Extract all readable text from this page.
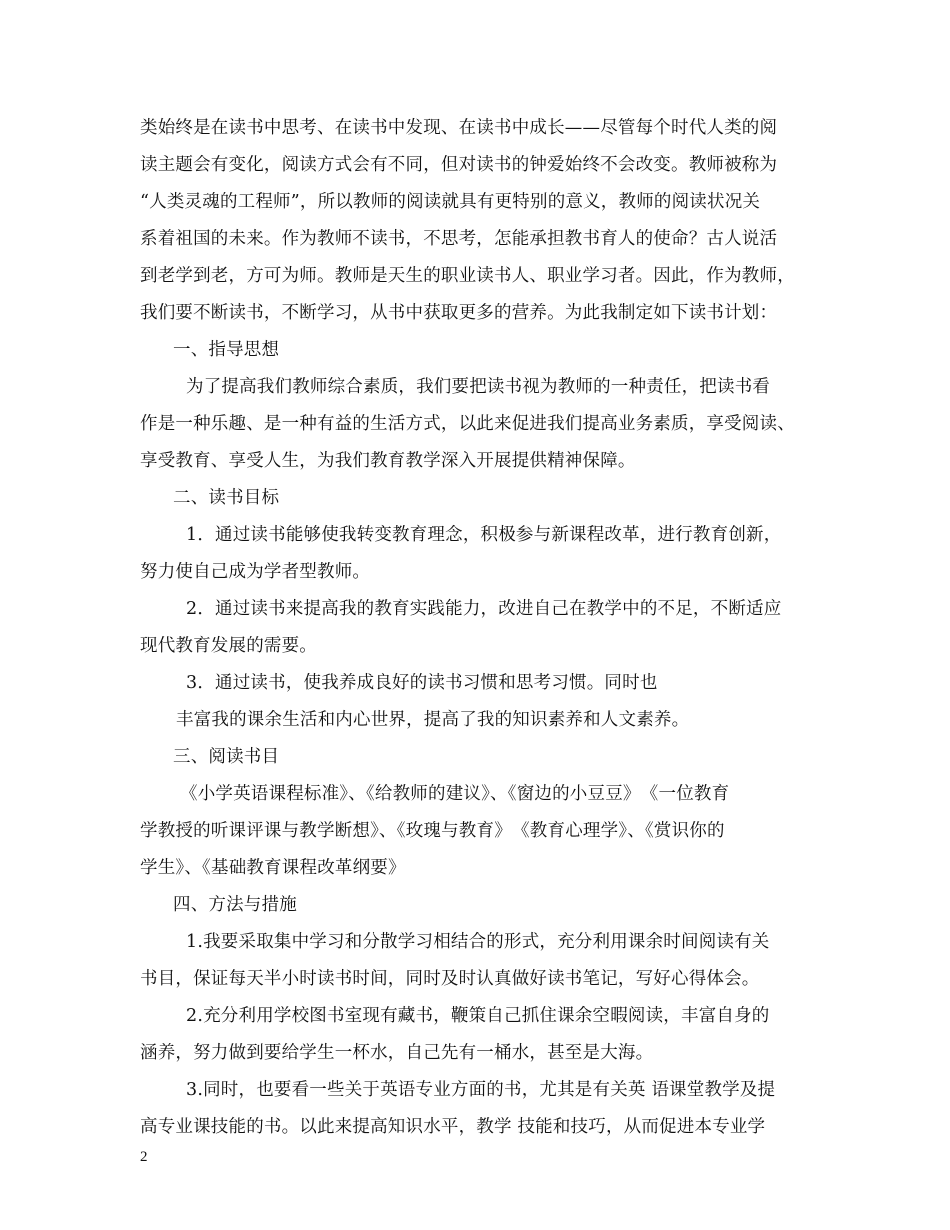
类始终是在读书中思考、在读书中发现、在读书中成长——尽管每个时代人类的阅
读主题会有变化，阅读方式会有不同，但对读书的钟爱始终不会改变。教师被称为
“人类灵魂的工程师”，所以教师的阅读就具有更特别的意义，教师的阅读状况关
系着祖国的未来。作为教师不读书，不思考，怎能承担教书育人的使命？古人说活
到老学到老，方可为师。教师是天生的职业读书人、职业学习者。因此，作为教师，
我们要不断读书，不断学习，从书中获取更多的营养。为此我制定如下读书计划：
一、指导思想
为了提高我们教师综合素质，我们要把读书视为教师的一种责任，把读书看
作是一种乐趣、是一种有益的生活方式，以此来促进我们提高业务素质，享受阅读、
享受教育、享受人生，为我们教育教学深入开展提供精神保障。
二、读书目标
1．通过读书能够使我转变教育理念，积极参与新课程改革，进行教育创新，
努力使自己成为学者型教师。
2．通过读书来提高我的教育实践能力，改进自己在教学中的不足，不断适应
现代教育发展的需要。
3．通过读书，使我养成良好的读书习惯和思考习惯。同时也
丰富我的课余生活和内心世界，提高了我的知识素养和人文素养。
三、阅读书目
《小学英语课程标准》、《给教师的建议》、《窗边的小豆豆》　《一位教育
学教授的听课评课与教学断想》、《玫瑰与教育》　《教育心理学》、《赏识你的
学生》、《基础教育课程改革纲要》
四、方法与措施
1.我要采取集中学习和分散学习相结合的形式，充分利用课余时间阅读有关
书目，保证每天半小时读书时间，同时及时认真做好读书笔记，写好心得体会。
2.充分利用学校图书室现有藏书，鞭策自己抓住课余空暇阅读，丰富自身的
涵养，努力做到要给学生一杯水，自己先有一桶水，甚至是大海。
3.同时，也要看一些关于英语专业方面的书，尤其是有关英 语课堂教学及提
高专业课技能的书。以此来提高知识水平，教学 技能和技巧，从而促进本专业学
2
